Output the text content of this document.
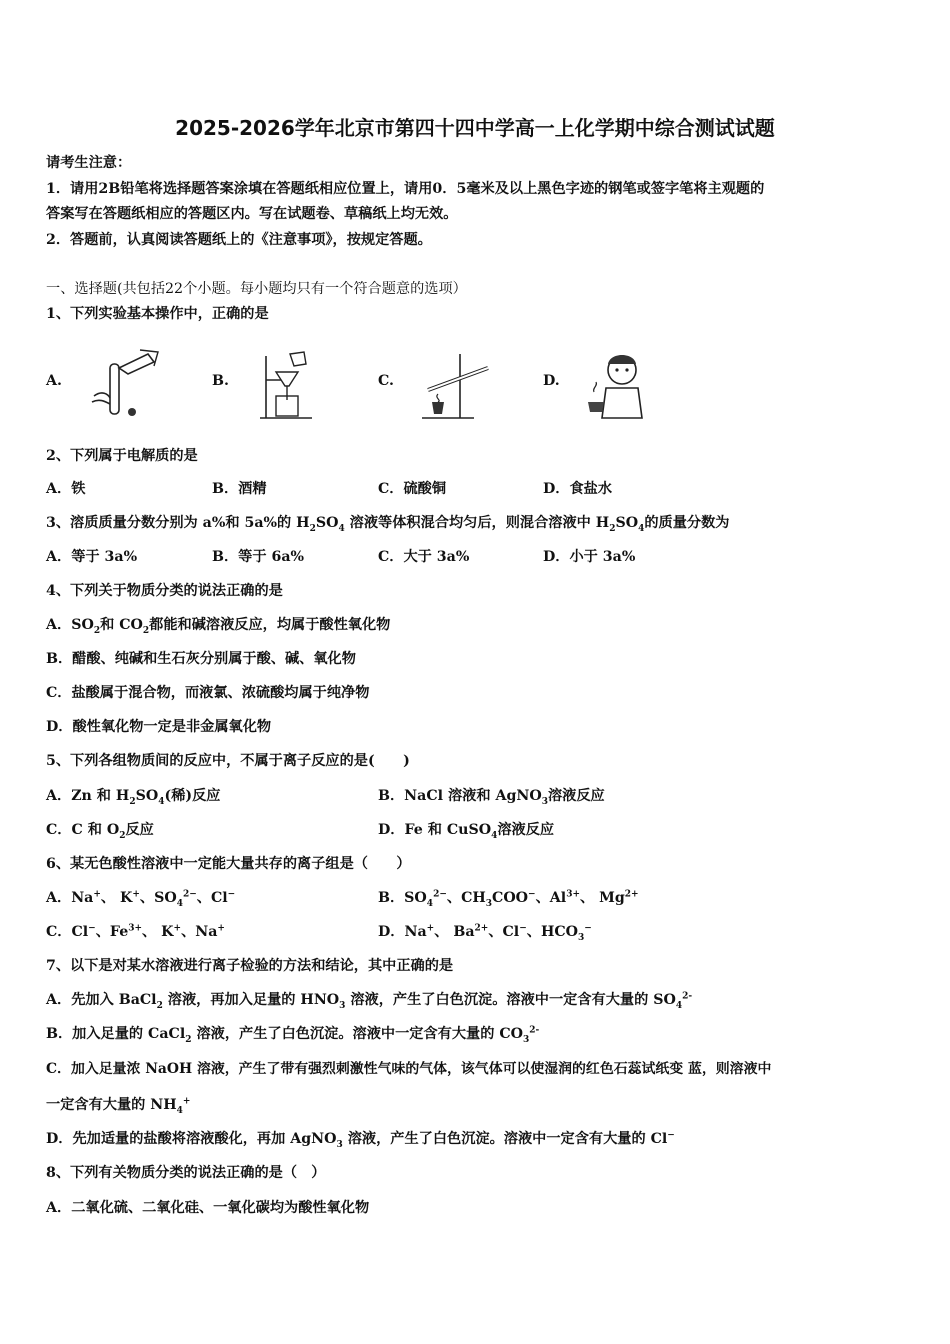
2025-2026学年北京市第四十四中学高一上化学期中综合测试试题
请考生注意：
1．请用2B铅笔将选择题答案涂填在答题纸相应位置上，请用0．5毫米及以上黑色字迹的钢笔或签字笔将主观题的
答案写在答题纸相应的答题区内。写在试题卷、草稿纸上均无效。
2．答题前，认真阅读答题纸上的《注意事项》，按规定答题。
一、选择题(共包括22个小题。每小题均只有一个符合题意的选项）
1、下列实验基本操作中，正确的是
A.	B.	C.	D.
2、下列属于电解质的是
A．铁	B．酒精	C．硫酸铜	D．食盐水
3、溶质质量分数分别为 a%和 5a%的 $H_2SO_4$ 溶液等体积混合均匀后，则混合溶液中 $H_2SO_4$的质量分数为
A．等于 3a%	B．等于 6a%	C．大于 3a%	D．小于 3a%
4、下列关于物质分类的说法正确的是
A．$SO_2$和 $CO_2$都能和碱溶液反应，均属于酸性氧化物
B．醋酸、纯碱和生石灰分别属于酸、碱、氧化物
C．盐酸属于混合物，而液氯、浓硫酸均属于纯净物
D．酸性氧化物一定是非金属氧化物
5、下列各组物质间的反应中，不属于离子反应的是(　　)
A．Zn 和 $H_2SO_4$(稀)反应	B．NaCl 溶液和 AgNO$_3$溶液反应
C．C 和 $O_2$反应	D．Fe 和 CuSO$_4$溶液反应
6、某无色酸性溶液中一定能大量共存的离子组是（　　）
A．Na+、 K+、$SO_4^{2-}$、Cl−	B．$SO_4^{2-}$、$CH_3COO^-$、$Al^{3+}$、 $Mg^{2+}$
C．Cl−、$Fe^{3+}$、 K+、Na+	D．Na+、 $Ba^{2+}$、Cl−、$HCO_3^-$
7、以下是对某水溶液进行离子检验的方法和结论，其中正确的是
A．先加入 BaCl$_2$ 溶液，再加入足量的 $HNO_3$ 溶液，产生了白色沉淀。溶液中一定含有大量的 $SO_4^{2-}$
B．加入足量的 CaCl$_2$ 溶液，产生了白色沉淀。溶液中一定含有大量的 $CO_3^{2-}$
C．加入足量浓 NaOH 溶液，产生了带有强烈刺激性气味的气体，该气体可以使湿润的红色石蕊试纸变 蓝，则溶液中
一定含有大量的 $NH_4^+$
D．先加适量的盐酸将溶液酸化，再加 AgNO$_3$ 溶液，产生了白色沉淀。溶液中一定含有大量的 Cl−
8、下列有关物质分类的说法正确的是（　）
A．二氧化硫、二氧化硅、一氧化碳均为酸性氧化物
